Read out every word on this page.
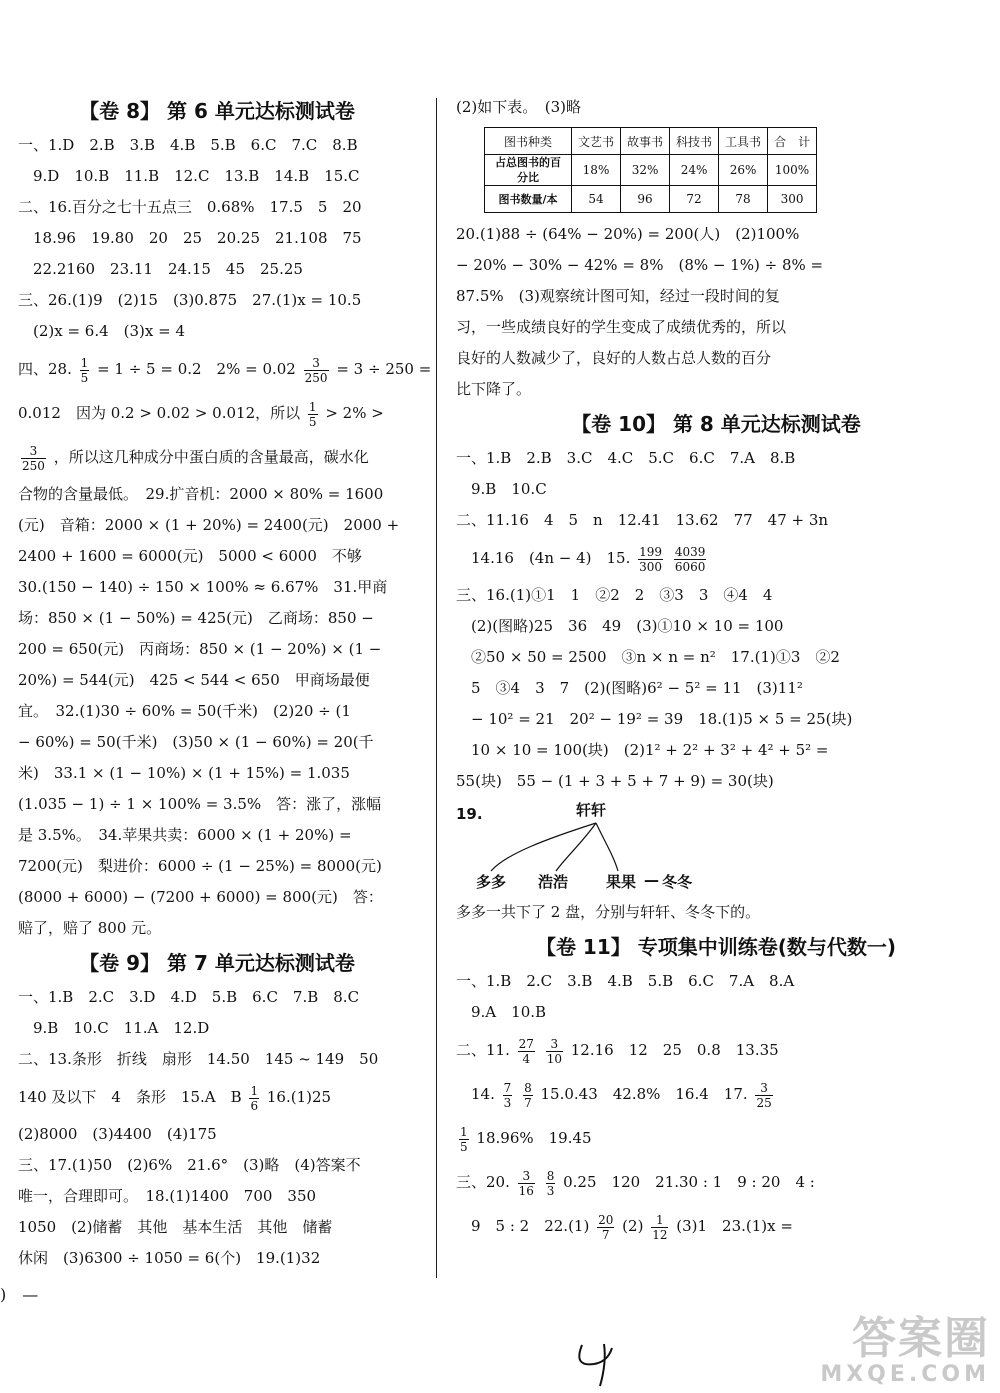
【卷 8】 第 6 单元达标测试卷
一、1.D　2.B　3.B　4.B　5.B　6.C　7.C　8.B
　9.D　10.B　11.B　12.C　13.B　14.B　15.C
二、16.百分之七十五点三　0.68%　17.5　5　20
　18.96　19.80　20　25　20.25　21.108　75
　22.2160　23.11　24.15　45　25.25
三、26.(1)9　(2)15　(3)0.875　27.(1)x = 10.5
　(2)x = 6.4　(3)x = 4
四、28. $\frac{1}{5} = 1 \div 5 = 0.2$　$2\% = 0.02 \frac{3}{250} = 3 \div 250$ =
0.012　因为 0.2 > 0.02 > 0.012，所以 $\frac{1}{5} > 2\%$ >
$\frac{3}{250}$ ，所以这几种成分中蛋白质的含量最高，碳水化
合物的含量最低。　29.扩音机：2000 × 80% = 1600
(元)　音箱：2000 × (1 + 20%) = 2400(元)　2000 +
2400 + 1600 = 6000(元)　5000 < 6000　不够
30.(150 − 140) ÷ 150 × 100% ≈ 6.67%　31.甲商
场：850 × (1 − 50%) = 425(元)　乙商场：850 −
200 = 650(元)　丙商场：850 × (1 − 20%) × (1 −
20%) = 544(元)　425 < 544 < 650　甲商场最便
宜。　32.(1)30 ÷ 60% = 50(千米)　(2)20 ÷ (1
− 60%) = 50(千米)　(3)50 × (1 − 60%) = 20(千
米)　33.1 × (1 − 10%) × (1 + 15%) = 1.035
(1.035 − 1) ÷ 1 × 100% = 3.5%　答：涨了，涨幅
是 3.5%。　34.苹果共卖：6000 × (1 + 20%) =
7200(元)　梨进价：6000 ÷ (1 − 25%) = 8000(元)
(8000 + 6000) − (7200 + 6000) = 800(元)　答：
赔了，赔了 800 元。
【卷 9】 第 7 单元达标测试卷
一、1.B　2.C　3.D　4.D　5.B　6.C　7.B　8.C
　9.B　10.C　11.A　12.D
二、13.条形　折线　扇形　14.50　145 ~ 149　50
140 及以下　4　条形　15.A　B $\frac{1}{6} 16.(1)25$
(2)8000　(3)4400　(4)175
三、17.(1)50　(2)6%　21.6°　(3)略　(4)答案不
唯一，合理即可。　18.(1)1400　700　350
1050　(2)储蓄　其他　基本生活　其他　储蓄
休闲　(3)6300 ÷ 1050 = 6(个)　19.(1)32
(2)如下表。　(3)略
图书种类	文艺书	故事书	科技书	工具书	合　计
占总图书的百分比	18%	32%	24%	26%	100%
图书数量/本	54	96	72	78	300
20.(1)88 ÷ (64% − 20%) = 200(人)　(2)100%
− 20% − 30% − 42% = 8%　(8% − 1%) ÷ 8% =
87.5%　(3)观察统计图可知，经过一段时间的复
习，一些成绩良好的学生变成了成绩优秀的，所以
良好的人数减少了，良好的人数占总人数的百分
比下降了。
【卷 10】 第 8 单元达标测试卷
一、1.B　2.B　3.C　4.C　5.C　6.C　7.A　8.B
　9.B　10.C
二、11.16　4　5　n　12.41　13.62　77　47 + 3n
　14.16　(4n − 4)　15. $\frac{199}{300}$
$\frac{4039}{6060}$
三、16.(1)①1　1　②2　2　③3　3　④4　4
　(2)(图略)25　36　49　(3)①10 × 10 = 100
　②50 × 50 = 2500　③n × n = n²　17.(1)①3　②2
　5　③4　3　7　(2)(图略)6² − 5² = 11　(3)11²
　− 10² = 21　20² − 19² = 39　18.(1)5 × 5 = 25(块)
　10 × 10 = 100(块)　(2)1² + 2² + 3² + 4² + 5² =
55(块)　55 − (1 + 3 + 5 + 7 + 9) = 30(块)
19.	轩轩
多多 浩浩	果果 — 冬冬
多多一共下了 2 盘，分别与轩轩、冬冬下的。
【卷 11】 专项集中训练卷(数与代数一)
一、1.B　2.C　3.B　4.B　5.B　6.C　7.A　8.A
　9.A　10.B
二、11. $\frac{27}{4}$
$\frac{3}{10} 12.16$　12　25　0.8　13.35
　14. $\frac{7}{3}$
$\frac{8}{7} 15.0.43$　42.8%　16.4　17. $\frac{3}{25}$
$\frac{1}{5} 18.96\%$　19.45
三、20. $\frac{3}{16}$
$\frac{8}{3} 0.25$　120　21.30 : 1　9 : 20　4 :
　9　5 : 2　$22.(1) \frac{20}{7} (2) \frac{1}{12} (3)1$　23.(1)x =
)　—
答案圈
MXQE.COM
